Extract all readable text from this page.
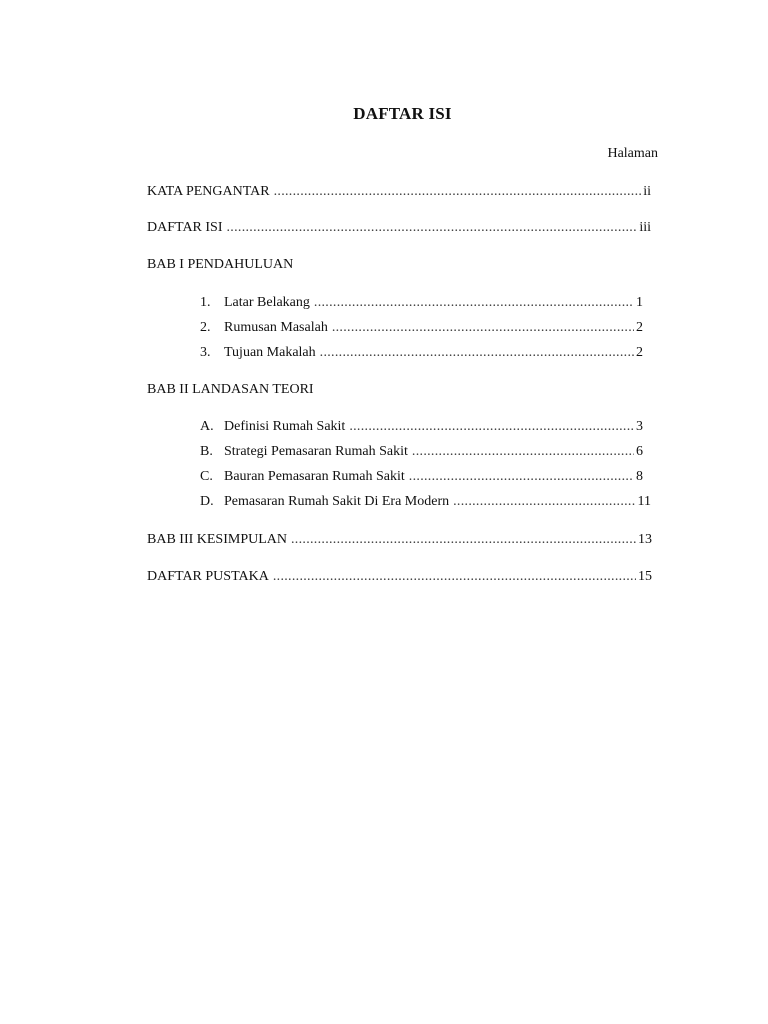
DAFTAR ISI
Halaman
KATA PENGANTAR .....	ii
DAFTAR ISI .....	iii
BAB I PENDAHULUAN
1. Latar Belakang .....	1
2. Rumusan Masalah .....	2
3. Tujuan Makalah .....	2
BAB II LANDASAN TEORI
A. Definisi Rumah Sakit .....	3
B. Strategi Pemasaran Rumah Sakit .....	6
C. Bauran Pemasaran Rumah Sakit .....	8
D. Pemasaran Rumah Sakit Di Era Modern .....	11
BAB III KESIMPULAN .....	13
DAFTAR PUSTAKA .....	15
